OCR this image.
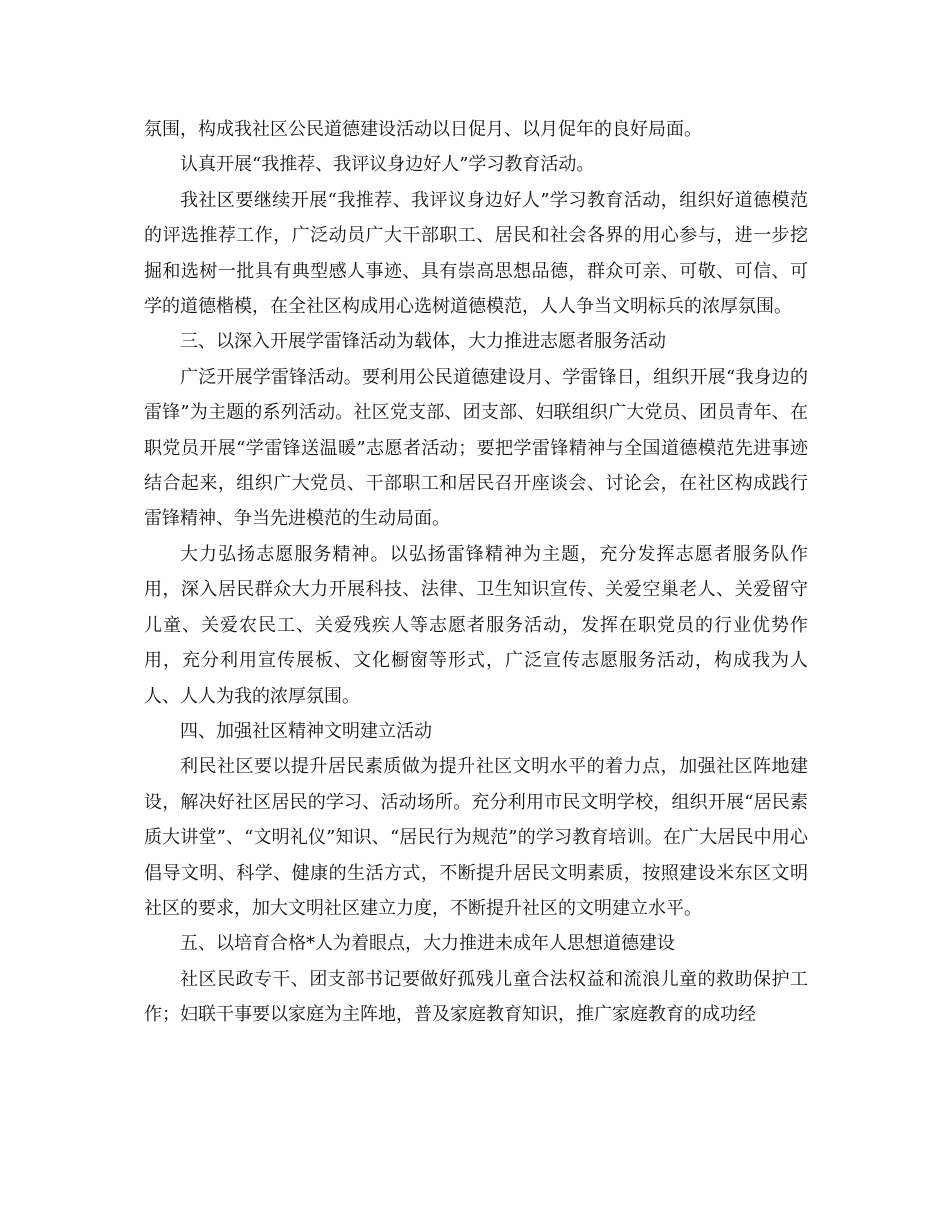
氛围，构成我社区公民道德建设活动以日促月、以月促年的良好局面。

认真开展“我推荐、我评议身边好人”学习教育活动。

我社区要继续开展“我推荐、我评议身边好人”学习教育活动，组织好道德模范的评选推荐工作，广泛动员广大干部职工、居民和社会各界的用心参与，进一步挖掘和选树一批具有典型感人事迹、具有崇高思想品德，群众可亲、可敬、可信、可学的道德楷模，在全社区构成用心选树道德模范，人人争当文明标兵的浓厚氛围。

三、以深入开展学雷锋活动为载体，大力推进志愿者服务活动

广泛开展学雷锋活动。要利用公民道德建设月、学雷锋日，组织开展“我身边的雷锋”为主题的系列活动。社区党支部、团支部、妇联组织广大党员、团员青年、在职党员开展“学雷锋送温暖”志愿者活动；要把学雷锋精神与全国道德模范先进事迹结合起来，组织广大党员、干部职工和居民召开座谈会、讨论会，在社区构成践行雷锋精神、争当先进模范的生动局面。

大力弘扬志愿服务精神。以弘扬雷锋精神为主题，充分发挥志愿者服务队作用，深入居民群众大力开展科技、法律、卫生知识宣传、关爱空巢老人、关爱留守儿童、关爱农民工、关爱残疾人等志愿者服务活动，发挥在职党员的行业优势作用，充分利用宣传展板、文化橱窗等形式，广泛宣传志愿服务活动，构成我为人人、人人为我的浓厚氛围。

四、加强社区精神文明建立活动

利民社区要以提升居民素质做为提升社区文明水平的着力点，加强社区阵地建设，解决好社区居民的学习、活动场所。充分利用市民文明学校，组织开展“居民素质大讲堂”、“文明礼仪”知识、“居民行为规范”的学习教育培训。在广大居民中用心倡导文明、科学、健康的生活方式，不断提升居民文明素质，按照建设米东区文明社区的要求，加大文明社区建立力度，不断提升社区的文明建立水平。

五、以培育合格*人为着眼点，大力推进未成年人思想道德建设

社区民政专干、团支部书记要做好孤残儿童合法权益和流浪儿童的救助保护工作；妇联干事要以家庭为主阵地，普及家庭教育知识，推广家庭教育的成功经
